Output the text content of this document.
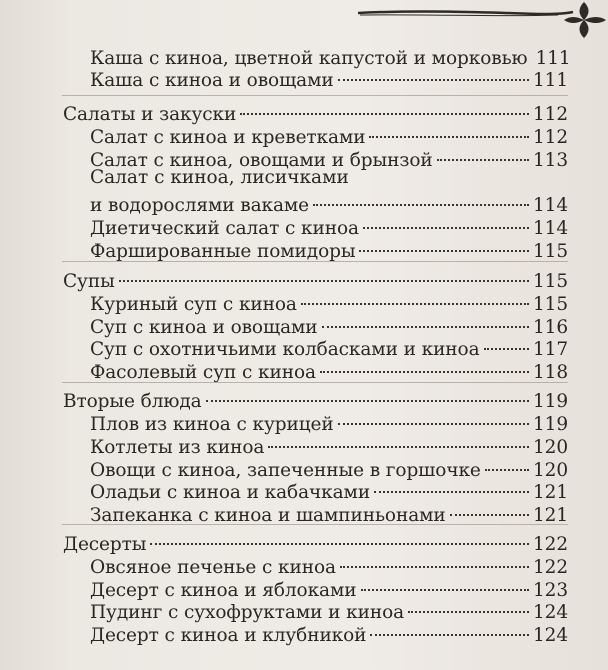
Каша с киноа, цветной капустой и морковью 111
Каша с киноа и овощами	111
Салаты и закуски	112
Салат с киноа и креветками	112
Салат с киноа, овощами и брынзой	113
Салат с киноа, лисичками
и водорослями вакаме	114
Диетический салат с киноа	114
Фаршированные помидоры	115
Супы	115
Куриный суп с киноа	115
Суп с киноа и овощами	116
Суп с охотничьими колбасками и киноа	117
Фасолевый суп с киноа	118
Вторые блюда	119
Плов из киноа с курицей	119
Котлеты из киноа	120
Овощи с киноа, запеченные в горшочке	120
Оладьи с киноа и кабачками	121
Запеканка с киноа и шампиньонами	121
Десерты	122
Овсяное печенье с киноа	122
Десерт с киноа и яблоками	123
Пудинг с сухофруктами и киноа	124
Десерт с киноа и клубникой	124
